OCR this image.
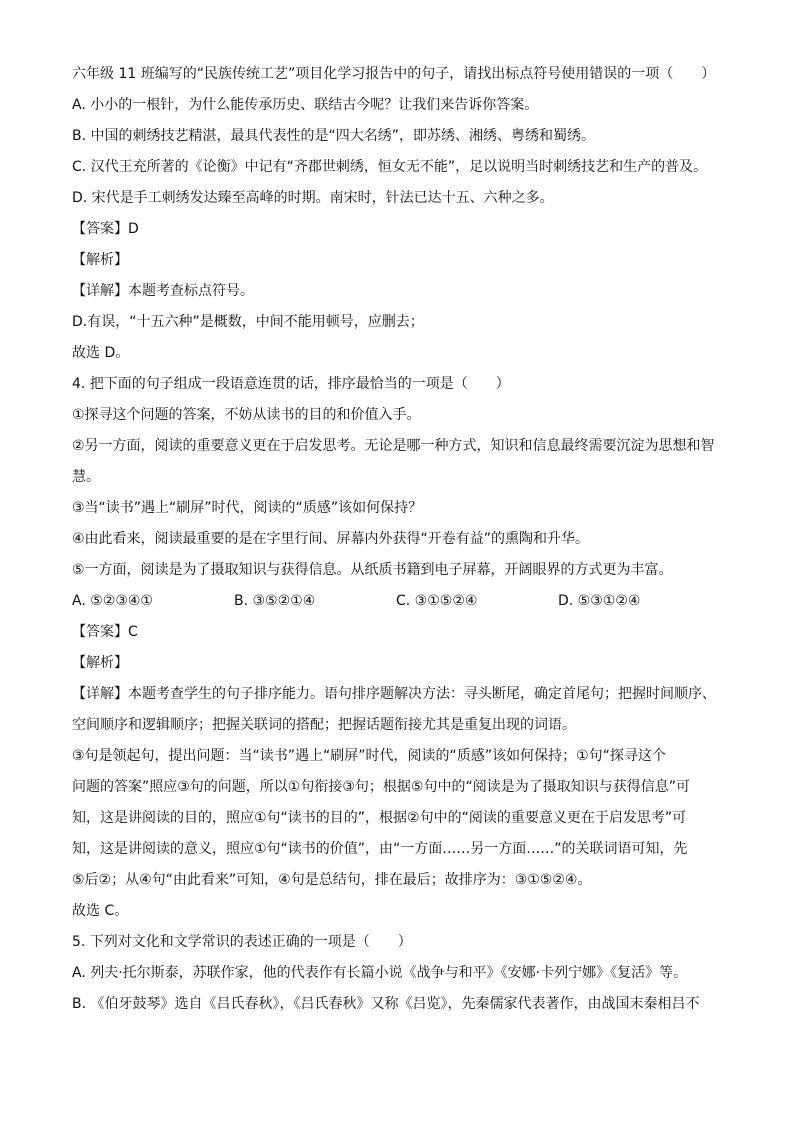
六年级 11 班编写的“民族传统工艺”项目化学习报告中的句子，请找出标点符号使用错误的一项（　　）
A. 小小的一根针，为什么能传承历史、联结古今呢？让我们来告诉你答案。
B. 中国的刺绣技艺精湛，最具代表性的是“四大名绣”，即苏绣、湘绣、粤绣和蜀绣。
C. 汉代王充所著的《论衡》中记有“齐郡世刺绣，恒女无不能”，足以说明当时刺绣技艺和生产的普及。
D. 宋代是手工刺绣发达臻至高峰的时期。南宋时，针法已达十五、六种之多。
【答案】D
【解析】
【详解】本题考查标点符号。
D.有误，“十五六种”是概数，中间不能用顿号，应删去；
故选 D。
4. 把下面的句子组成一段语意连贯的话，排序最恰当的一项是（　　）
①探寻这个问题的答案，不妨从读书的目的和价值入手。
②另一方面，阅读的重要意义更在于启发思考。无论是哪一种方式，知识和信息最终需要沉淀为思想和智
慧。
③当“读书”遇上“刷屏”时代，阅读的“质感”该如何保持？
④由此看来，阅读最重要的是在字里行间、屏幕内外获得“开卷有益”的熏陶和升华。
⑤一方面，阅读是为了摄取知识与获得信息。从纸质书籍到电子屏幕，开阔眼界的方式更为丰富。
A. ⑤②③④①	B. ③⑤②①④	C. ③①⑤②④	D. ⑤③①②④
【答案】C
【解析】
【详解】本题考查学生的句子排序能力。语句排序题解决方法：寻头断尾，确定首尾句；把握时间顺序、
空间顺序和逻辑顺序；把握关联词的搭配；把握话题衔接尤其是重复出现的词语。
③句是领起句，提出问题：当“读书”遇上“刷屏”时代，阅读的“质感”该如何保持；①句“探寻这个
问题的答案”照应③句的问题，所以①句衔接③句；根据⑤句中的“阅读是为了摄取知识与获得信息”可
知，这是讲阅读的目的，照应①句“读书的目的”，根据②句中的“阅读的重要意义更在于启发思考”可
知，这是讲阅读的意义，照应①句“读书的价值”，由“一方面……另一方面……”的关联词语可知，先
⑤后②；从④句“由此看来”可知，④句是总结句，排在最后；故排序为：③①⑤②④。
故选 C。
5. 下列对文化和文学常识的表述正确的一项是（　　）
A. 列夫·托尔斯泰，苏联作家，他的代表作有长篇小说《战争与和平》《安娜·卡列宁娜》《复活》等。
B. 《伯牙鼓琴》选自《吕氏春秋》，《吕氏春秋》又称《吕览》，先秦儒家代表著作，由战国末秦相吕不
